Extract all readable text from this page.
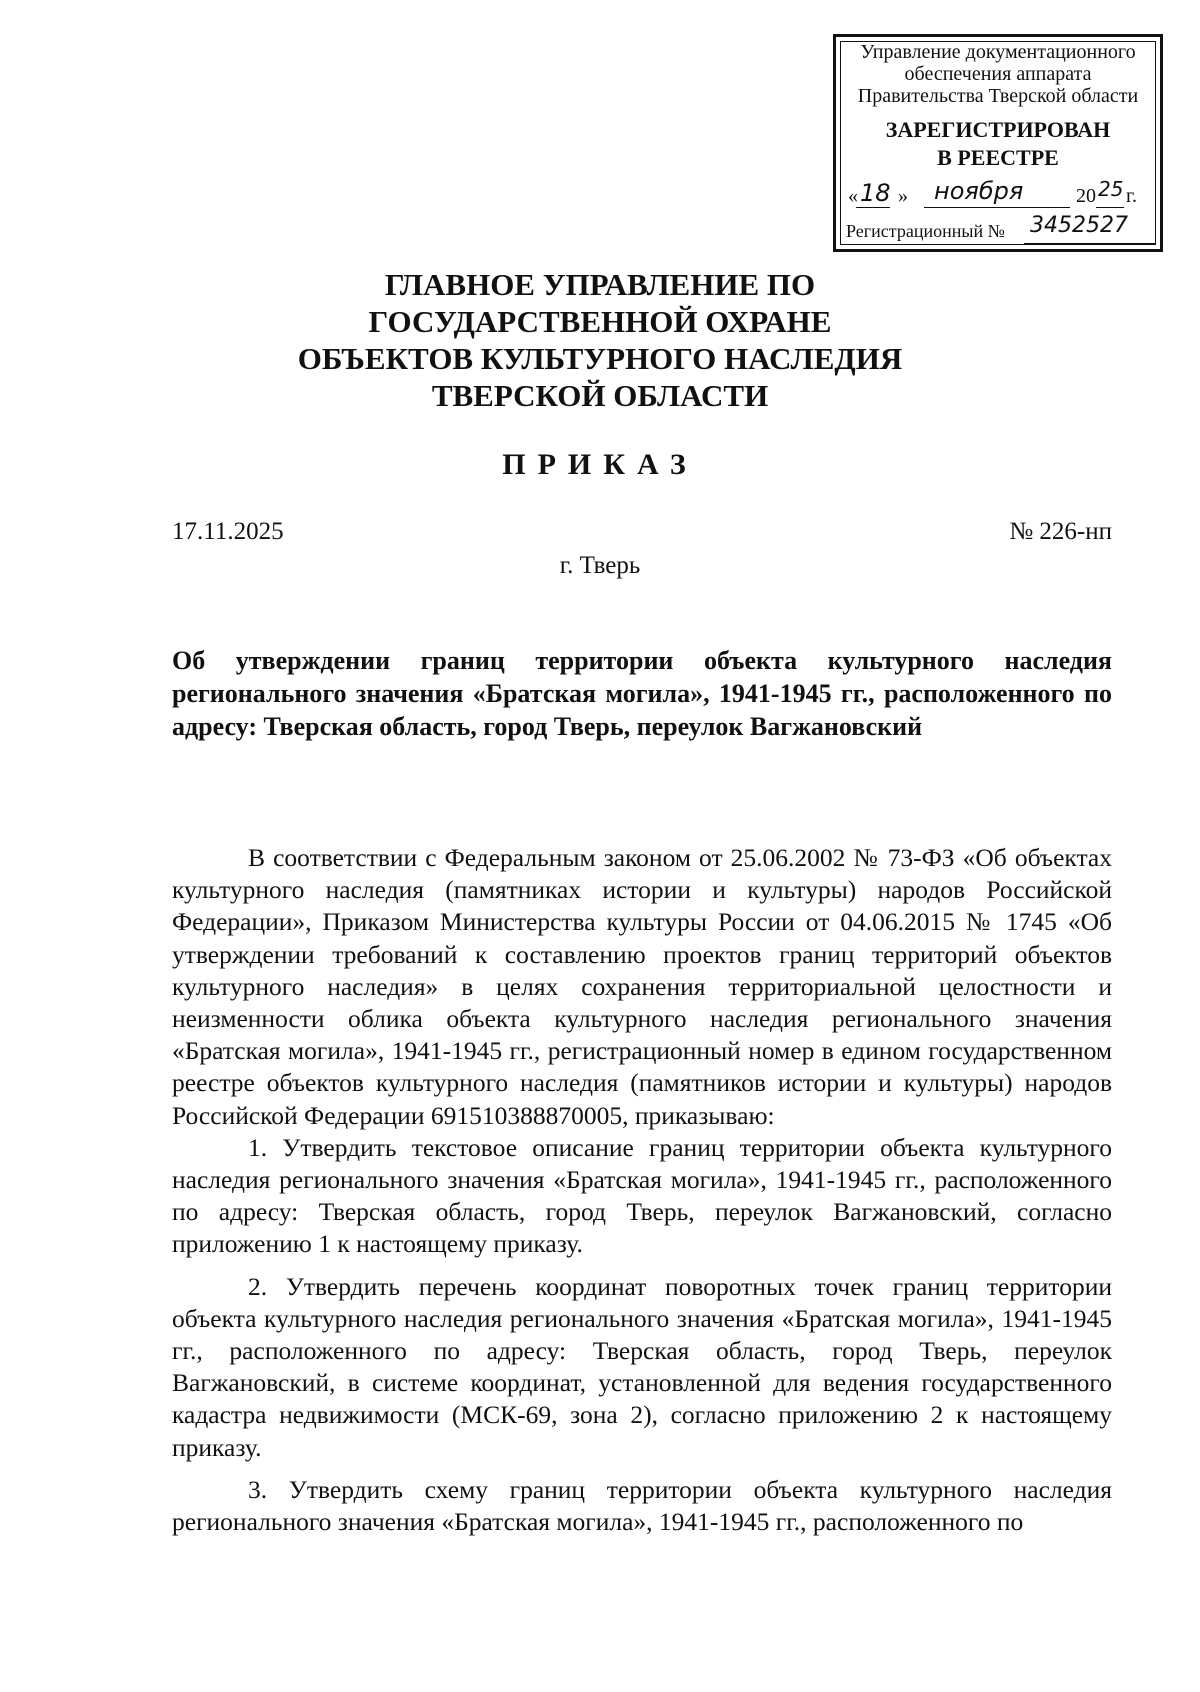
Управление документационного
обеспечения аппарата
Правительства Тверской области
ЗАРЕГИСТРИРОВАН
В РЕЕСТРЕ
« 18 » ноября	20 25 г.
Регистрационный № 3452527
ГЛАВНОЕ УПРАВЛЕНИЕ ПО
ГОСУДАРСТВЕННОЙ ОХРАНЕ
ОБЪЕКТОВ КУЛЬТУРНОГО НАСЛЕДИЯ
ТВЕРСКОЙ ОБЛАСТИ
ПРИКАЗ
17.11.2025	№ 226-нп
г. Тверь
Об утверждении границ территории объекта культурного наследия регионального значения «Братская могила», 1941-1945 гг., расположенного по адресу: Тверская область, город Тверь, переулок Вагжановский

В соответствии с Федеральным законом от 25.06.2002 № 73-ФЗ «Об объектах культурного наследия (памятниках истории и культуры) народов Российской Федерации», Приказом Министерства культуры России от 04.06.2015 № 1745 «Об утверждении требований к составлению проектов границ территорий объектов культурного наследия» в целях сохранения территориальной целостности и неизменности облика объекта культурного наследия регионального значения «Братская могила», 1941-1945 гг., регистрационный номер в едином государственном реестре объектов культурного наследия (памятников истории и культуры) народов Российской Федерации 691510388870005, приказываю:

1. Утвердить текстовое описание границ территории объекта культурного наследия регионального значения «Братская могила», 1941-1945 гг., расположенного по адресу: Тверская область, город Тверь, переулок Вагжановский, согласно приложению 1 к настоящему приказу.

2. Утвердить перечень координат поворотных точек границ территории объекта культурного наследия регионального значения «Братская могила», 1941-1945 гг., расположенного по адресу: Тверская область, город Тверь, переулок Вагжановский, в системе координат, установленной для ведения государственного кадастра недвижимости (МСК-69, зона 2), согласно приложению 2 к настоящему приказу.

3. Утвердить схему границ территории объекта культурного наследия регионального значения «Братская могила», 1941-1945 гг., расположенного по
